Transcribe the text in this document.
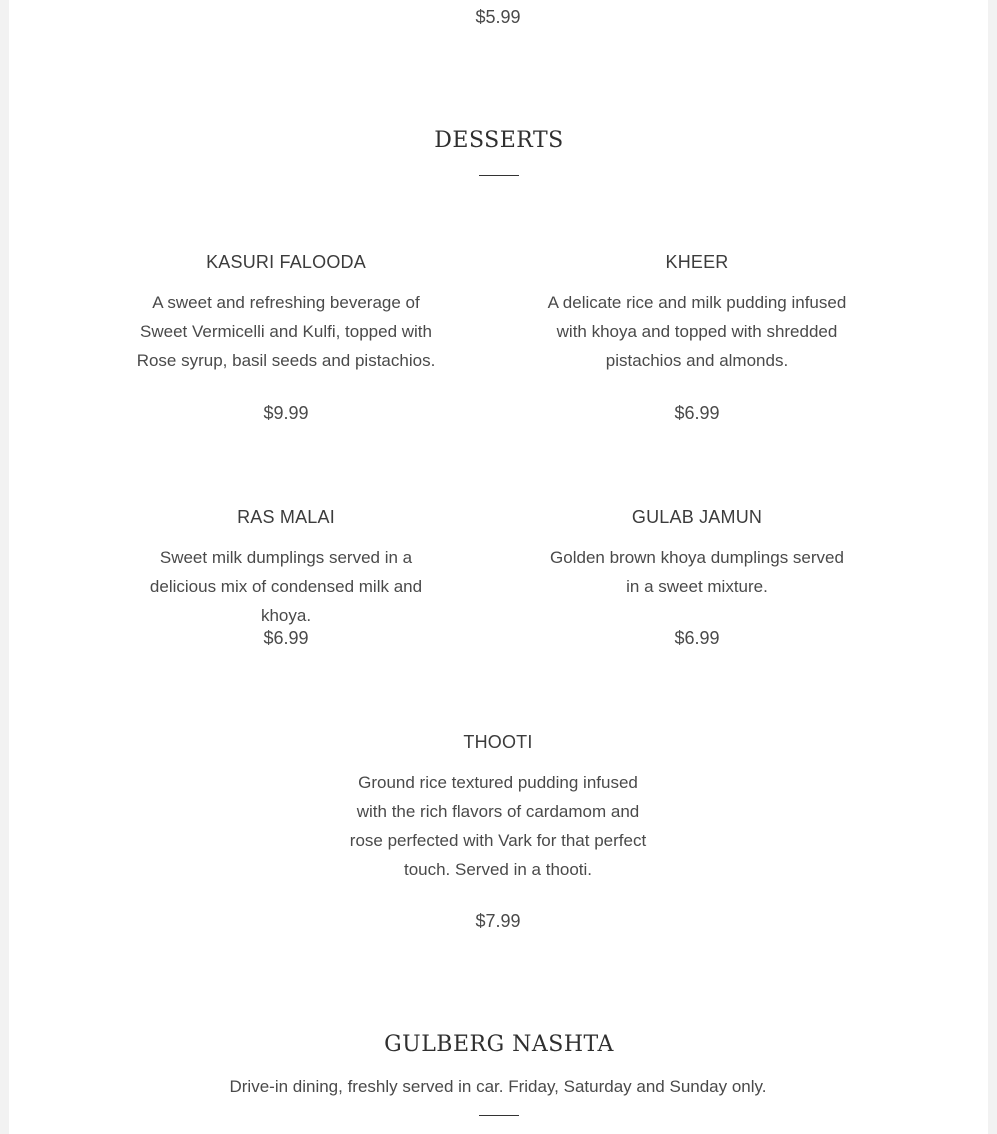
$5.99
DESSERTS
KASURI FALOODA
A sweet and refreshing beverage of Sweet Vermicelli and Kulfi, topped with Rose syrup, basil seeds and pistachios.
$9.99
KHEER
A delicate rice and milk pudding infused with khoya and topped with shredded pistachios and almonds.
$6.99
RAS MALAI
Sweet milk dumplings served in a delicious mix of condensed milk and khoya.
$6.99
GULAB JAMUN
Golden brown khoya dumplings served in a sweet mixture.
$6.99
THOOTI
Ground rice textured pudding infused with the rich flavors of cardamom and rose perfected with Vark for that perfect touch. Served in a thooti.
$7.99
GULBERG NASHTA
Drive-in dining, freshly served in car. Friday, Saturday and Sunday only.
